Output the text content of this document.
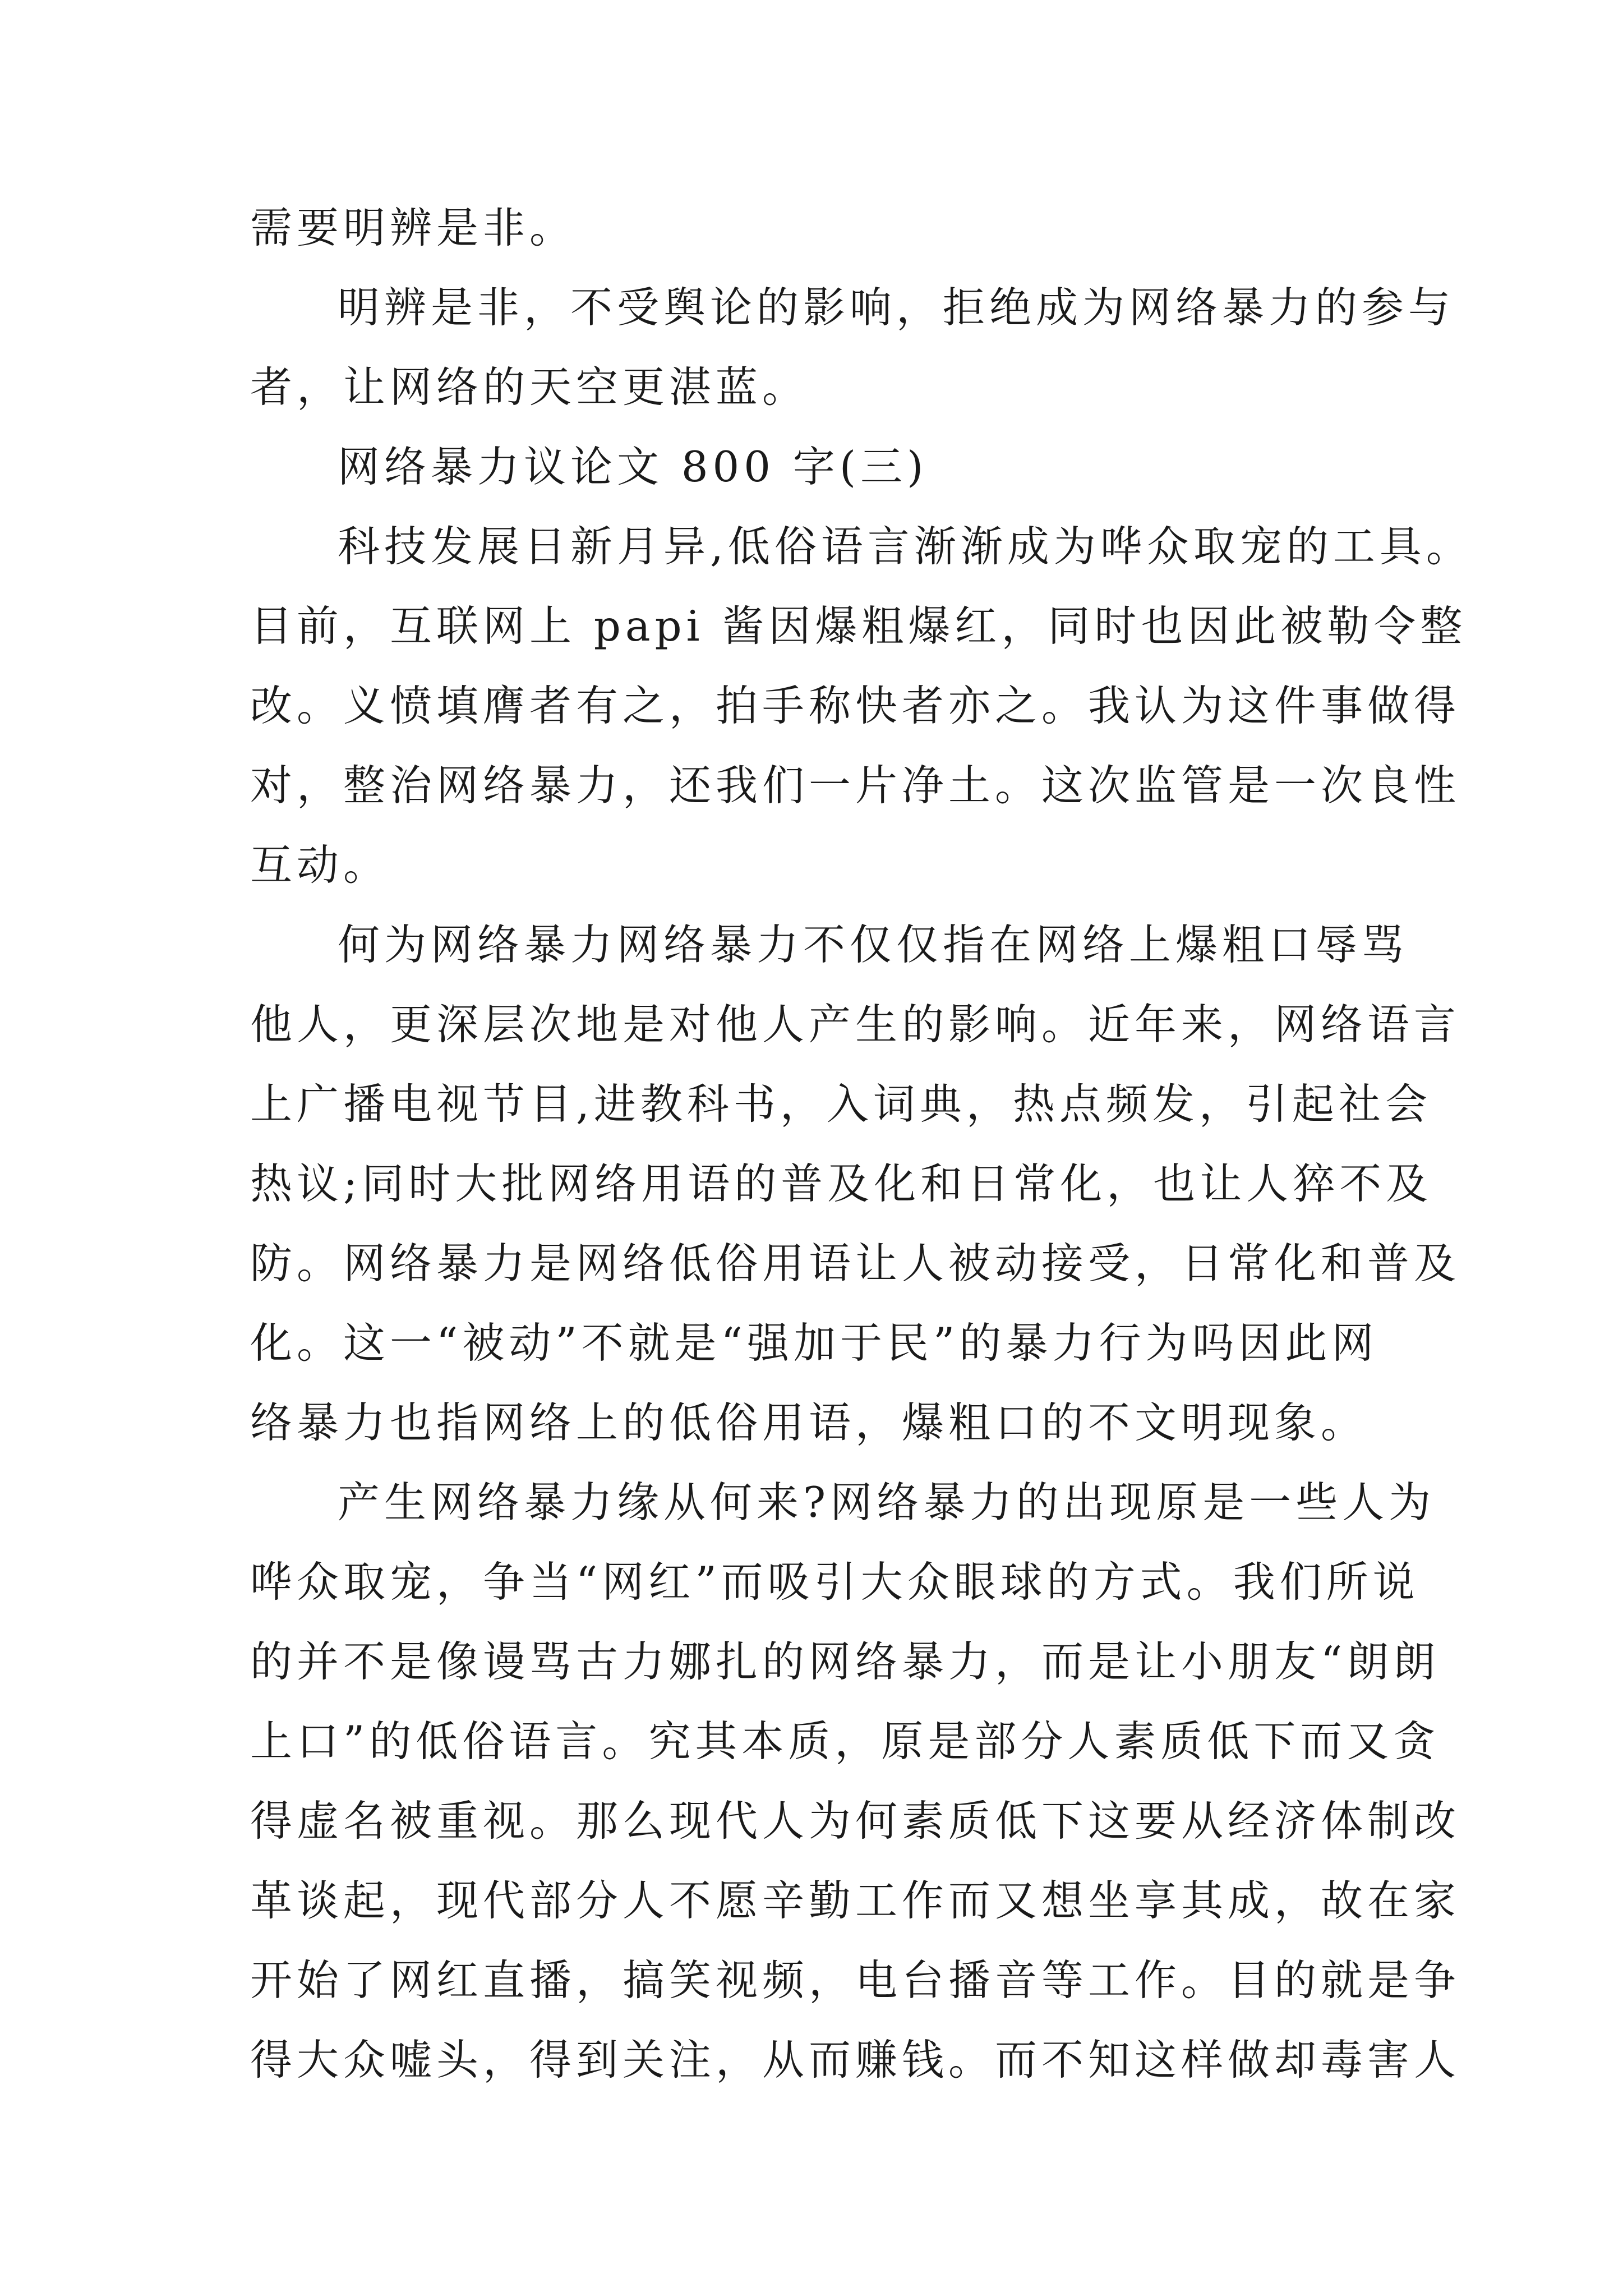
需要明辨是非。
明辨是非，不受舆论的影响，拒绝成为网络暴力的参与
者，让网络的天空更湛蓝。
网络暴力议论文 800 字(三)
科技发展日新月异,低俗语言渐渐成为哗众取宠的工具。
目前，互联网上 papi 酱因爆粗爆红，同时也因此被勒令整
改。义愤填膺者有之，拍手称快者亦之。我认为这件事做得
对，整治网络暴力，还我们一片净土。这次监管是一次良性
互动。
何为网络暴力网络暴力不仅仅指在网络上爆粗口辱骂
他人，更深层次地是对他人产生的影响。近年来，网络语言
上广播电视节目,进教科书，入词典，热点频发，引起社会
热议;同时大批网络用语的普及化和日常化，也让人猝不及
防。网络暴力是网络低俗用语让人被动接受，日常化和普及
化。这一“被动”不就是“强加于民”的暴力行为吗因此网
络暴力也指网络上的低俗用语，爆粗口的不文明现象。
产生网络暴力缘从何来?网络暴力的出现原是一些人为
哗众取宠，争当“网红”而吸引大众眼球的方式。我们所说
的并不是像谩骂古力娜扎的网络暴力，而是让小朋友“朗朗
上口”的低俗语言。究其本质，原是部分人素质低下而又贪
得虚名被重视。那么现代人为何素质低下这要从经济体制改
革谈起，现代部分人不愿辛勤工作而又想坐享其成，故在家
开始了网红直播，搞笑视频，电台播音等工作。目的就是争
得大众嘘头，得到关注，从而赚钱。而不知这样做却毒害人
